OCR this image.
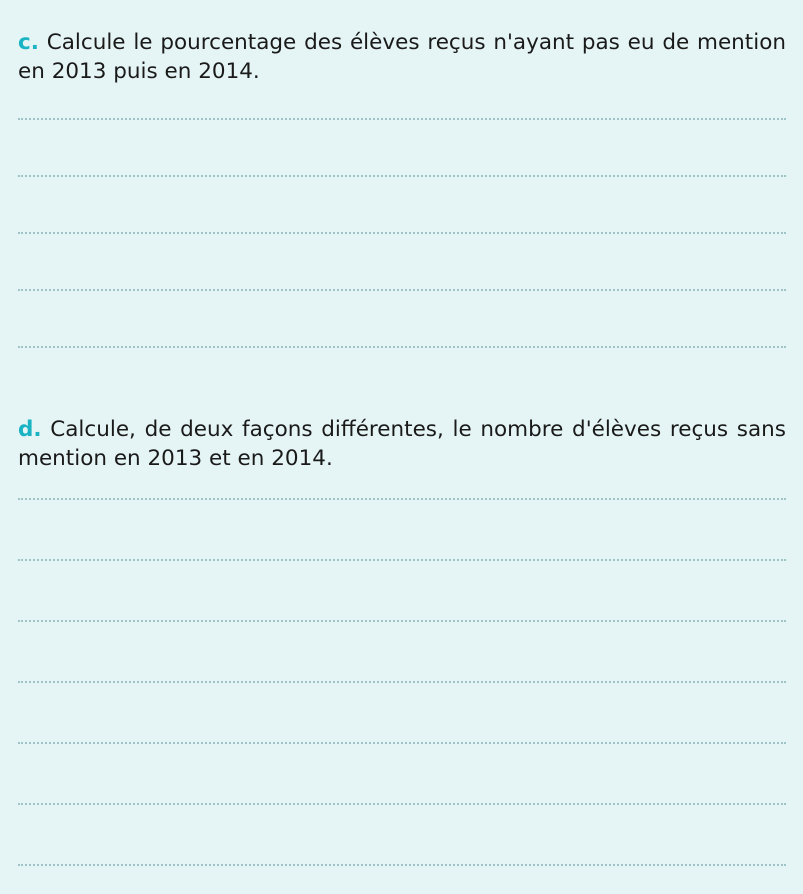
c. Calcule le pourcentage des élèves reçus n'ayant pas eu de mention en 2013 puis en 2014.

d. Calcule, de deux façons différentes, le nombre d'élèves reçus sans mention en 2013 et en 2014.
